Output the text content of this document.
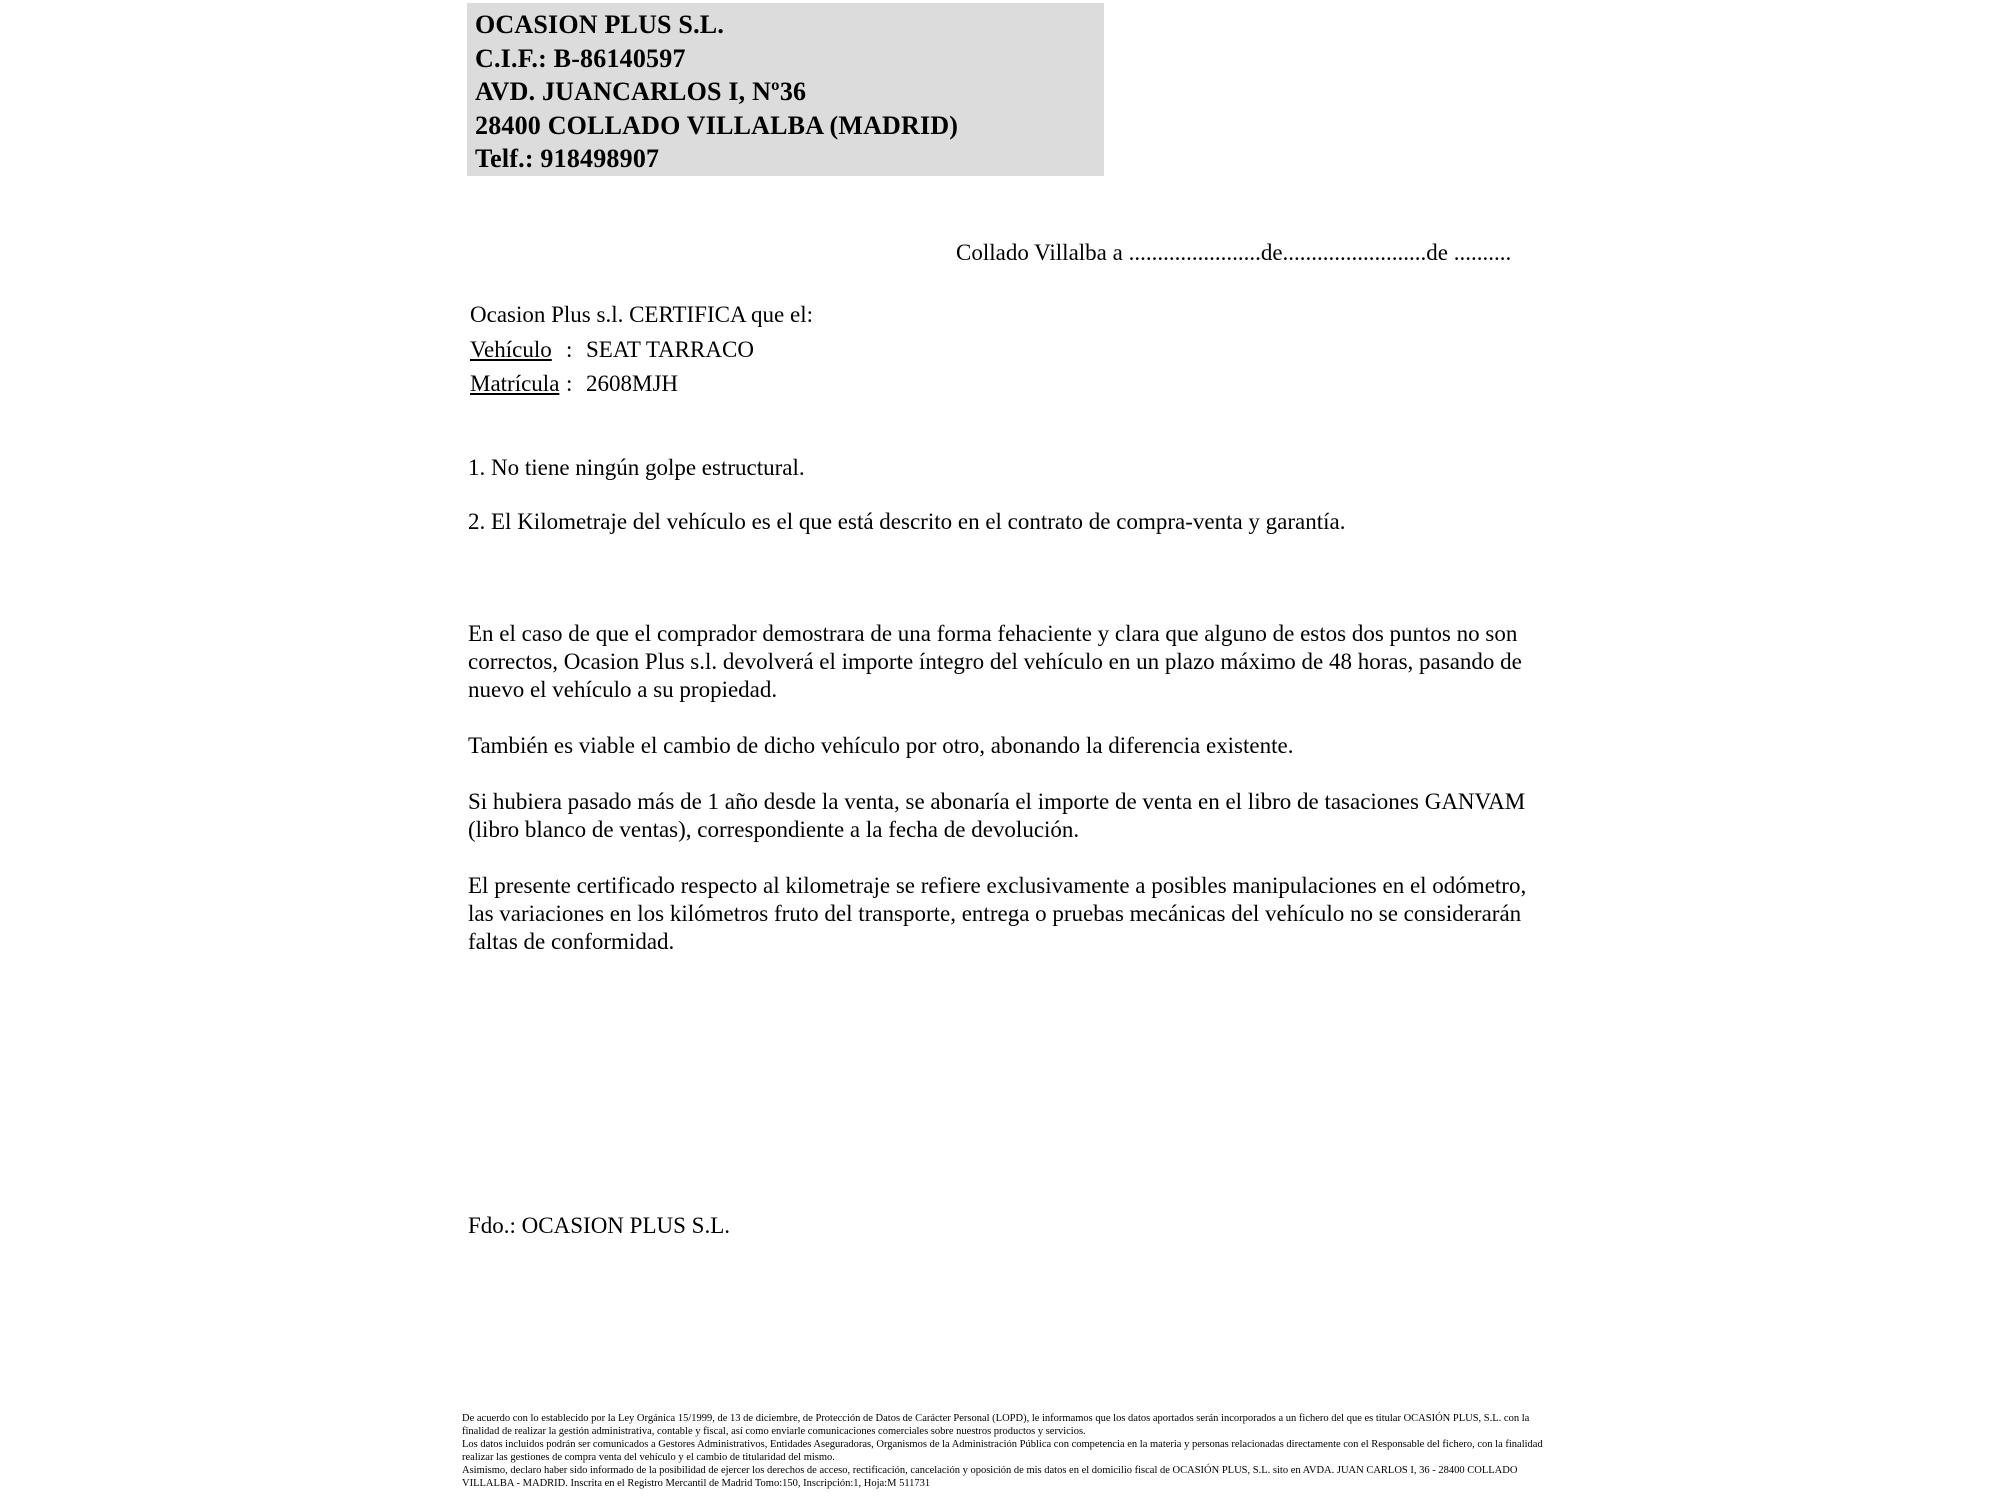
OCASION PLUS S.L.
C.I.F.: B-86140597
AVD. JUANCARLOS I, Nº36
28400 COLLADO VILLALBA (MADRID)
Telf.: 918498907
Collado Villalba a .......................de.........................de ..........
Ocasion Plus s.l. CERTIFICA que el:
Vehículo : SEAT TARRACO
Matrícula : 2608MJH
1. No tiene ningún golpe estructural.
2. El Kilometraje del vehículo es el que está descrito en el contrato de compra-venta y garantía.

En el caso de que el comprador demostrara de una forma fehaciente y clara que alguno de estos dos puntos no son correctos, Ocasion Plus s.l. devolverá el importe íntegro del vehículo en un plazo máximo de 48 horas, pasando de nuevo el vehículo a su propiedad.

También es viable el cambio de dicho vehículo por otro, abonando la diferencia existente.

Si hubiera pasado más de 1 año desde la venta, se abonaría el importe de venta en el libro de tasaciones GANVAM (libro blanco de ventas), correspondiente a la fecha de devolución.

El presente certificado respecto al kilometraje se refiere exclusivamente a posibles manipulaciones en el odómetro, las variaciones en los kilómetros fruto del transporte, entrega o pruebas mecánicas del vehículo no se considerarán faltas de conformidad.

Fdo.: OCASION PLUS S.L.
De acuerdo con lo establecido por la Ley Orgánica 15/1999, de 13 de diciembre, de Protección de Datos de Carácter Personal (LOPD), le informamos que los datos aportados serán incorporados a un fichero del que es titular OCASIÓN PLUS, S.L. con la finalidad de realizar la gestión administrativa, contable y fiscal, así como enviarle comunicaciones comerciales sobre nuestros productos y servicios.
Los datos incluidos podrán ser comunicados a Gestores Administrativos, Entidades Aseguradoras, Organismos de la Administración Pública con competencia en la materia y personas relacionadas directamente con el Responsable del fichero, con la finalidad realizar las gestiones de compra venta del vehículo y el cambio de titularidad del mismo.
Asimismo, declaro haber sido informado de la posibilidad de ejercer los derechos de acceso, rectificación, cancelación y oposición de mis datos en el domicilio fiscal de OCASIÓN PLUS, S.L. sito en AVDA. JUAN CARLOS I, 36 - 28400 COLLADO VILLALBA - MADRID. Inscrita en el Registro Mercantil de Madrid Tomo:150, Inscripción:1, Hoja:M 511731
